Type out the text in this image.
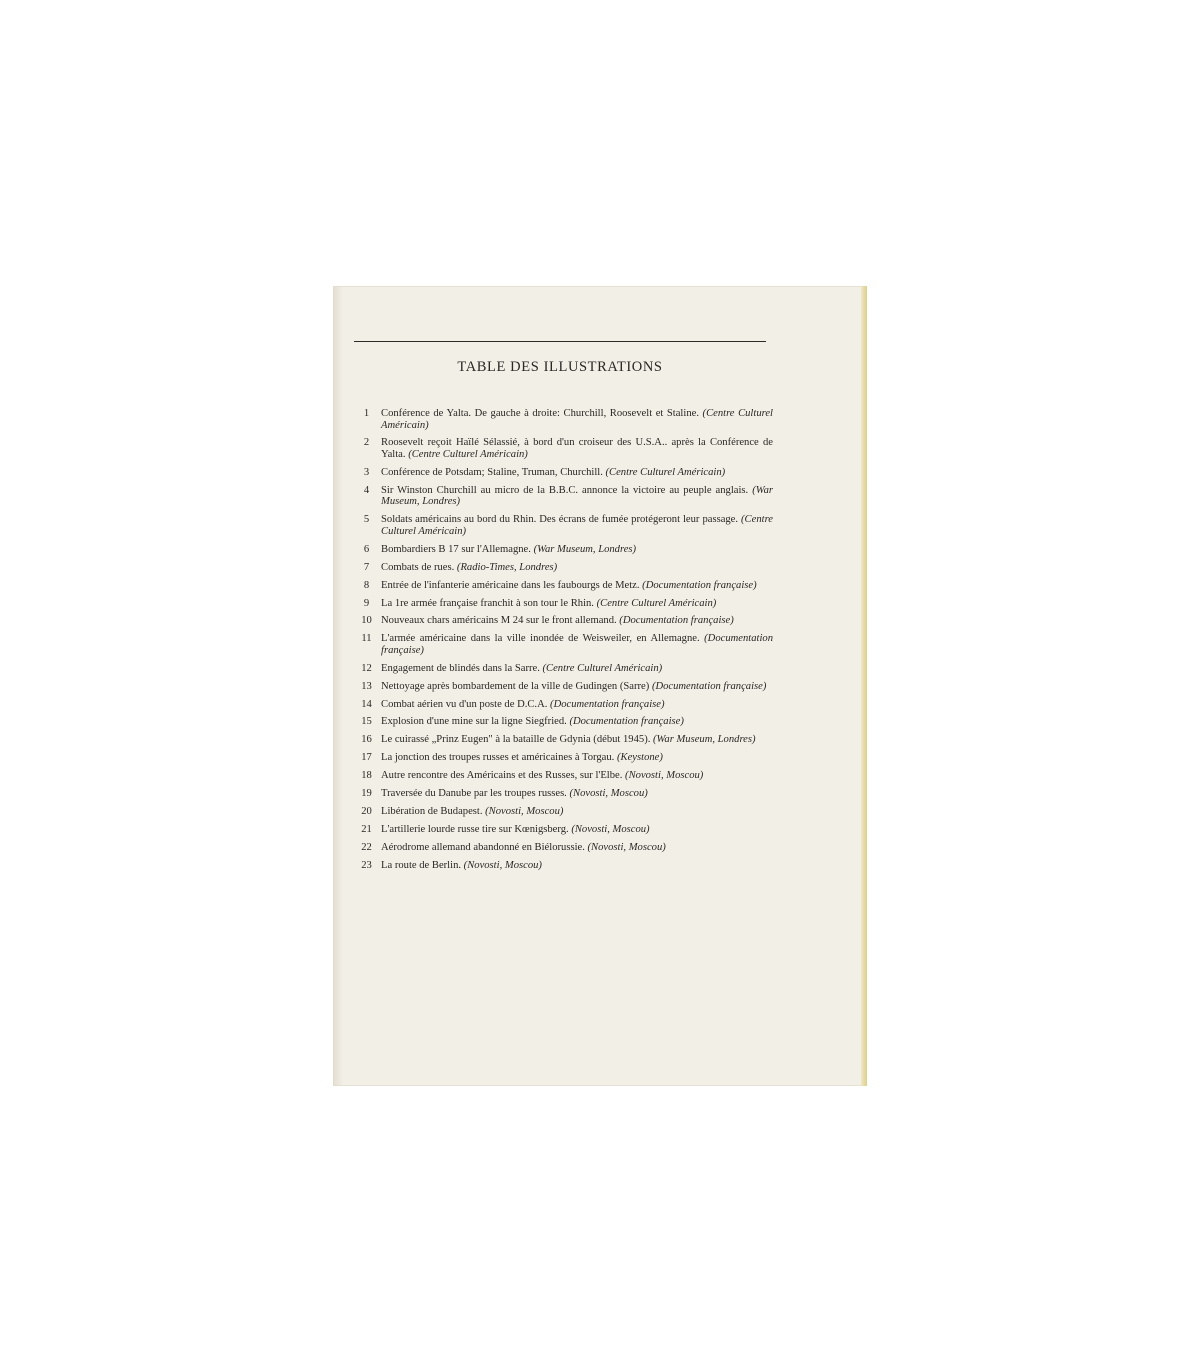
TABLE DES ILLUSTRATIONS
1	Conférence de Yalta. De gauche à droite: Churchill, Roosevelt et Staline. (Centre Culturel Américain)
2	Roosevelt reçoit Haïlé Sélassié, à bord d'un croiseur des U.S.A.. après la Conférence de Yalta. (Centre Culturel Américain)
3	Conférence de Potsdam; Staline, Truman, Churchill. (Centre Culturel Américain)
4	Sir Winston Churchill au micro de la B.B.C. annonce la victoire au peuple anglais. (War Museum, Londres)
5	Soldats américains au bord du Rhin. Des écrans de fumée protégeront leur passage. (Centre Culturel Américain)
6	Bombardiers B 17 sur l'Allemagne. (War Museum, Londres)
7	Combats de rues. (Radio-Times, Londres)
8	Entrée de l'infanterie américaine dans les faubourgs de Metz. (Documentation française)
9	La 1re armée française franchit à son tour le Rhin. (Centre Culturel Américain)
10 Nouveaux chars américains M 24 sur le front allemand. (Documentation française)
11 L'armée américaine dans la ville inondée de Weisweiler, en Allemagne. (Documentation française)
12 Engagement de blindés dans la Sarre. (Centre Culturel Américain)
13 Nettoyage après bombardement de la ville de Gudingen (Sarre) (Documentation française)
14 Combat aérien vu d'un poste de D.C.A. (Documentation française)
15 Explosion d'une mine sur la ligne Siegfried. (Documentation française)
16 Le cuirassé „Prinz Eugen" à la bataille de Gdynia (début 1945). (War Museum, Londres)
17 La jonction des troupes russes et américaines à Torgau. (Keystone)
18 Autre rencontre des Américains et des Russes, sur l'Elbe. (Novosti, Moscou)
19 Traversée du Danube par les troupes russes. (Novosti, Moscou)
20 Libération de Budapest. (Novosti, Moscou)
21 L'artillerie lourde russe tire sur Kœnigsberg. (Novosti, Moscou)
22 Aérodrome allemand abandonné en Biélorussie. (Novosti, Moscou)
23 La route de Berlin. (Novosti, Moscou)
